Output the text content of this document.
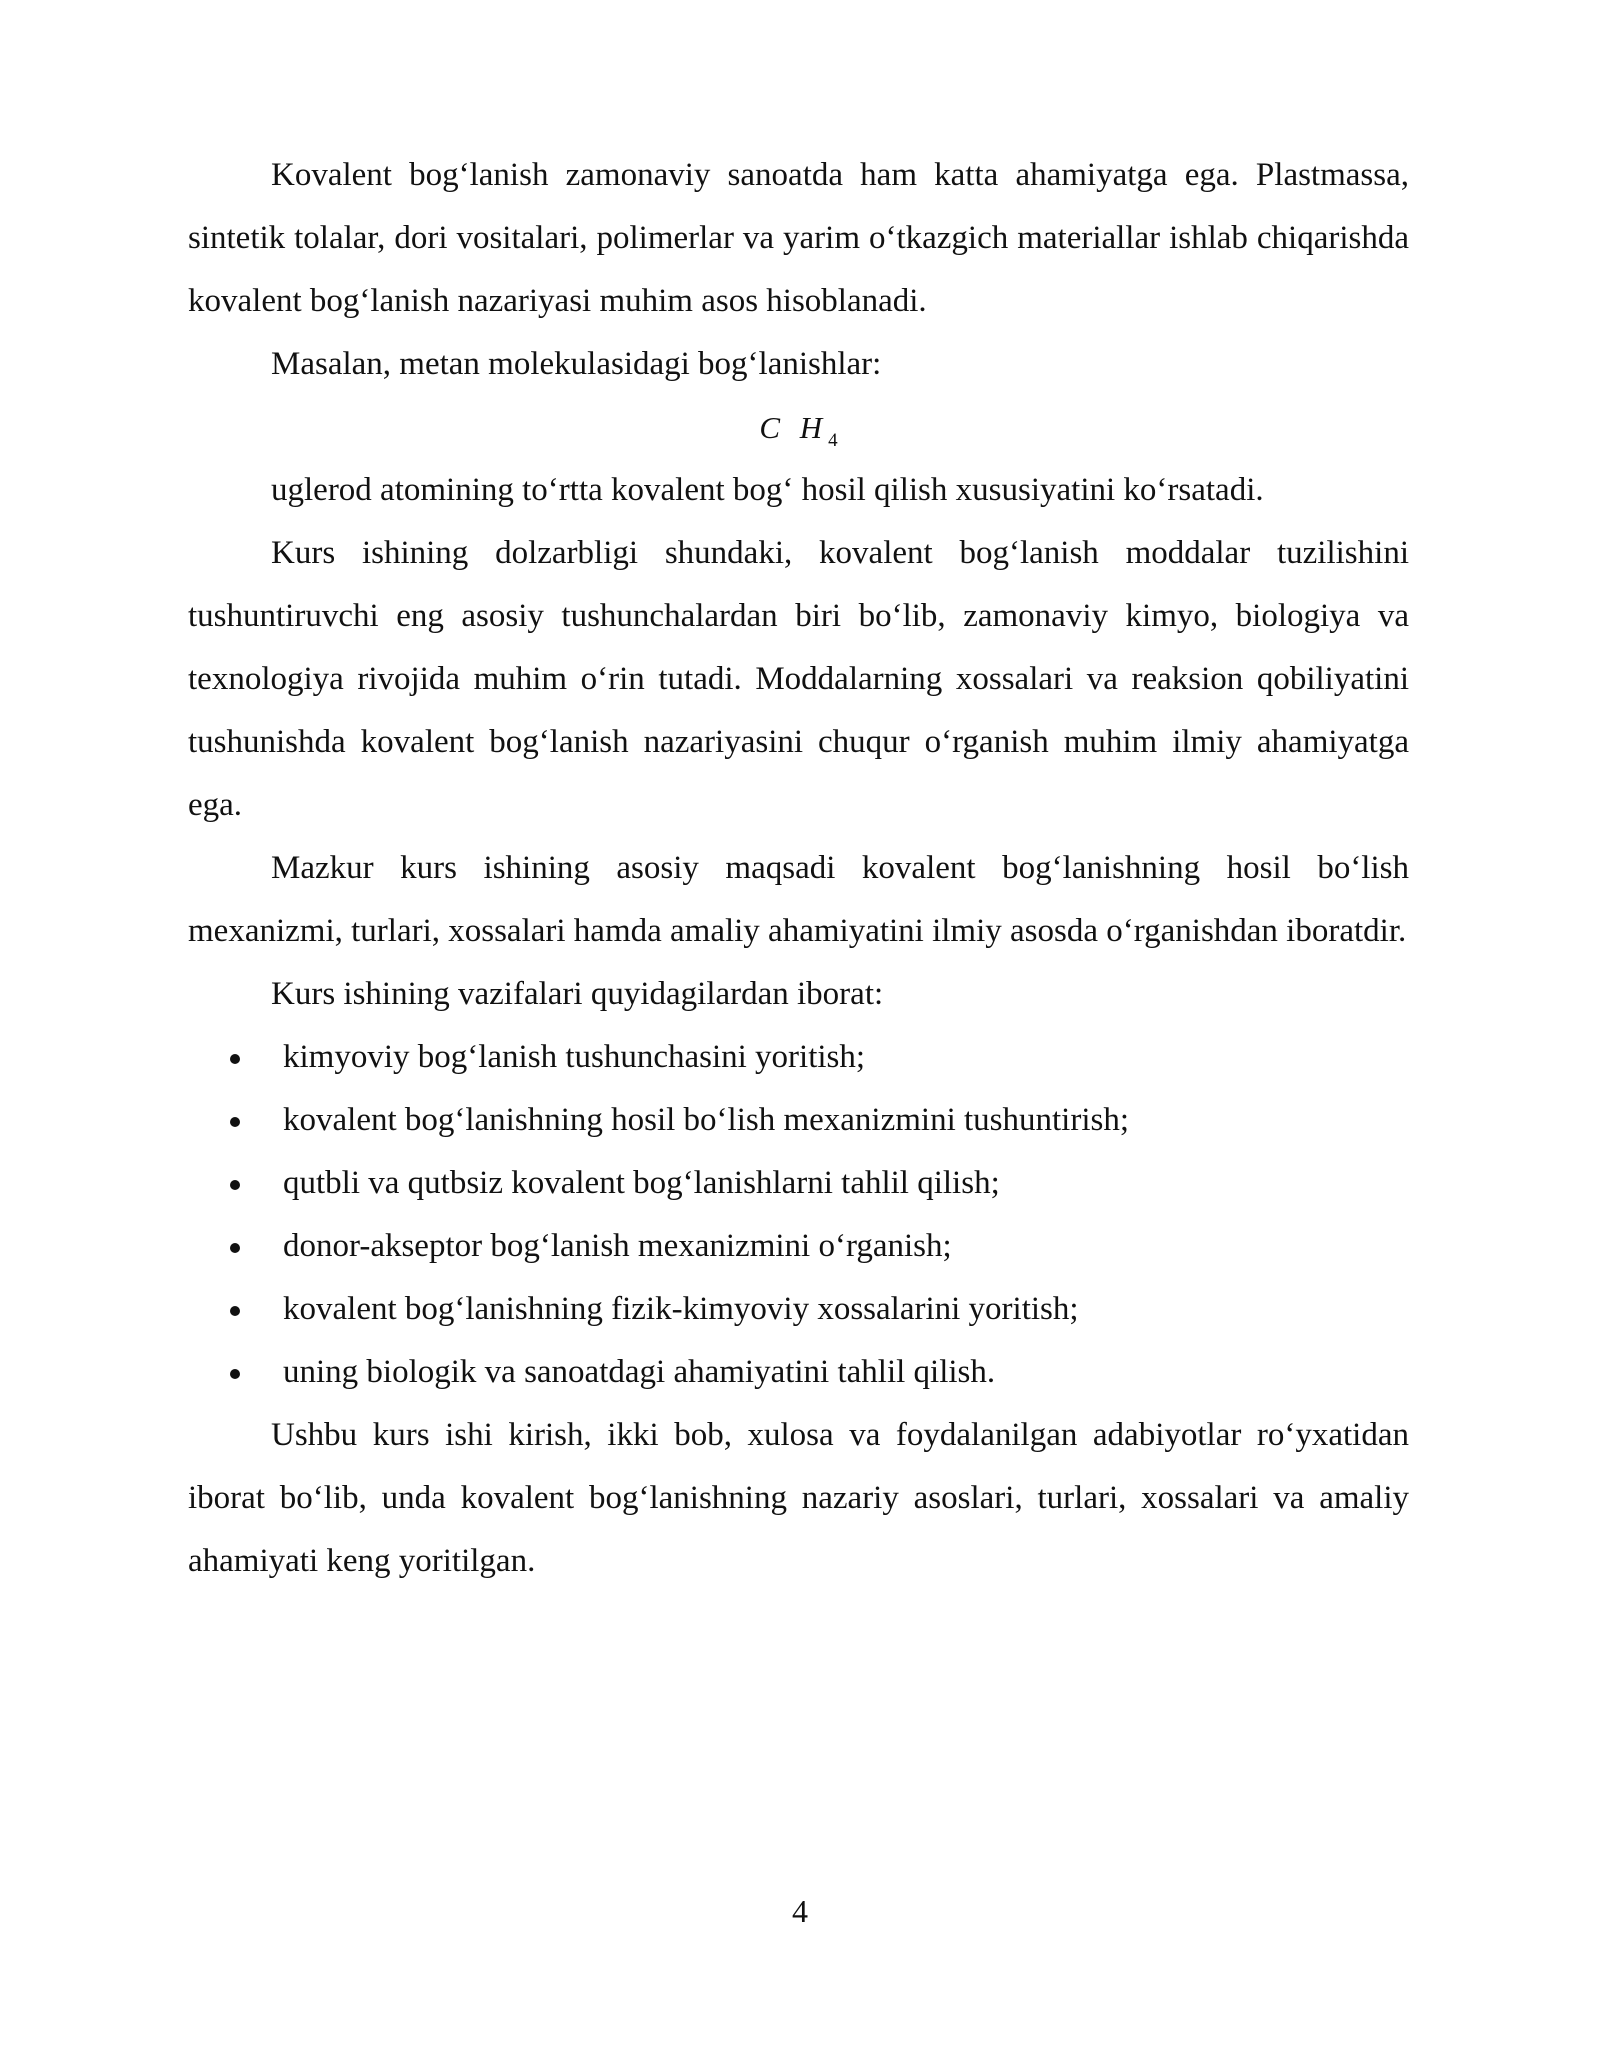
Kovalent bog‘lanish zamonaviy sanoatda ham katta ahamiyatga ega. Plastmassa, sintetik tolalar, dori vositalari, polimerlar va yarim o‘tkazgich materiallar ishlab chiqarishda kovalent bog‘lanish nazariyasi muhim asos hisoblanadi.

Masalan, metan molekulasidagi bog‘lanishlar:

C $H_4$

uglerod atomining to‘rtta kovalent bog‘ hosil qilish xususiyatini ko‘rsatadi.

Kurs ishining dolzarbligi shundaki, kovalent bog‘lanish moddalar tuzilishini tushuntiruvchi eng asosiy tushunchalardan biri bo‘lib, zamonaviy kimyo, biologiya va texnologiya rivojida muhim o‘rin tutadi. Moddalarning xossalari va reaksion qobiliyatini tushunishda kovalent bog‘lanish nazariyasini chuqur o‘rganish muhim ilmiy ahamiyatga ega.

Mazkur kurs ishining asosiy maqsadi kovalent bog‘lanishning hosil bo‘lish mexanizmi, turlari, xossalari hamda amaliy ahamiyatini ilmiy asosda o‘rganishdan iboratdir.

Kurs ishining vazifalari quyidagilardan iborat:

kimyoviy bog‘lanish tushunchasini yoritish;
kovalent bog‘lanishning hosil bo‘lish mexanizmini tushuntirish;
qutbli va qutbsiz kovalent bog‘lanishlarni tahlil qilish;
donor-akseptor bog‘lanish mexanizmini o‘rganish;
kovalent bog‘lanishning fizik-kimyoviy xossalarini yoritish;
uning biologik va sanoatdagi ahamiyatini tahlil qilish.

Ushbu kurs ishi kirish, ikki bob, xulosa va foydalanilgan adabiyotlar ro‘yxatidan iborat bo‘lib, unda kovalent bog‘lanishning nazariy asoslari, turlari, xossalari va amaliy ahamiyati keng yoritilgan.

4
